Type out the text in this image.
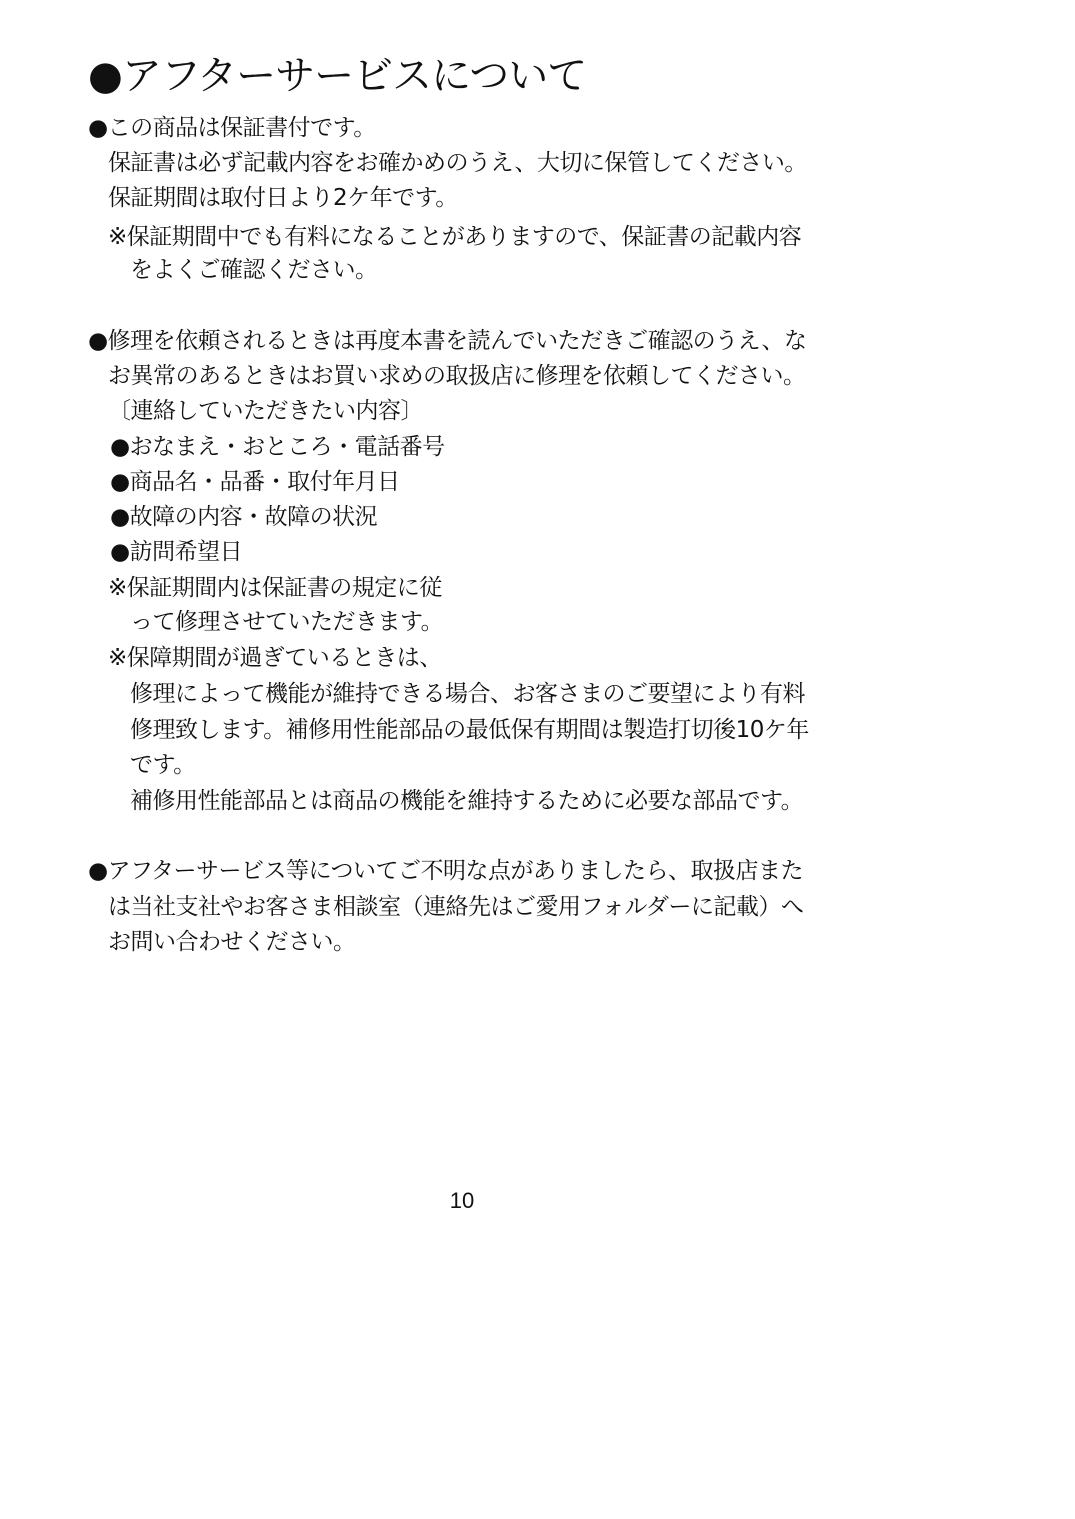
●アフターサービスについて
●この商品は保証書付です。
保証書は必ず記載内容をお確かめのうえ、大切に保管してください。
保証期間は取付日より2ケ年です。
※保証期間中でも有料になることがありますので、保証書の記載内容
をよくご確認ください。
●修理を依頼されるときは再度本書を読んでいただきご確認のうえ、な
お異常のあるときはお買い求めの取扱店に修理を依頼してください。
〔連絡していただきたい内容〕
●おなまえ・おところ・電話番号
●商品名・品番・取付年月日
●故障の内容・故障の状況
●訪問希望日
※保証期間内は保証書の規定に従
って修理させていただきます。
※保障期間が過ぎているときは、
修理によって機能が維持できる場合、お客さまのご要望により有料
修理致します。補修用性能部品の最低保有期間は製造打切後10ケ年
です。
補修用性能部品とは商品の機能を維持するために必要な部品です。
●アフターサービス等についてご不明な点がありましたら、取扱店また
は当社支社やお客さま相談室（連絡先はご愛用フォルダーに記載）へ
お問い合わせください。
10
